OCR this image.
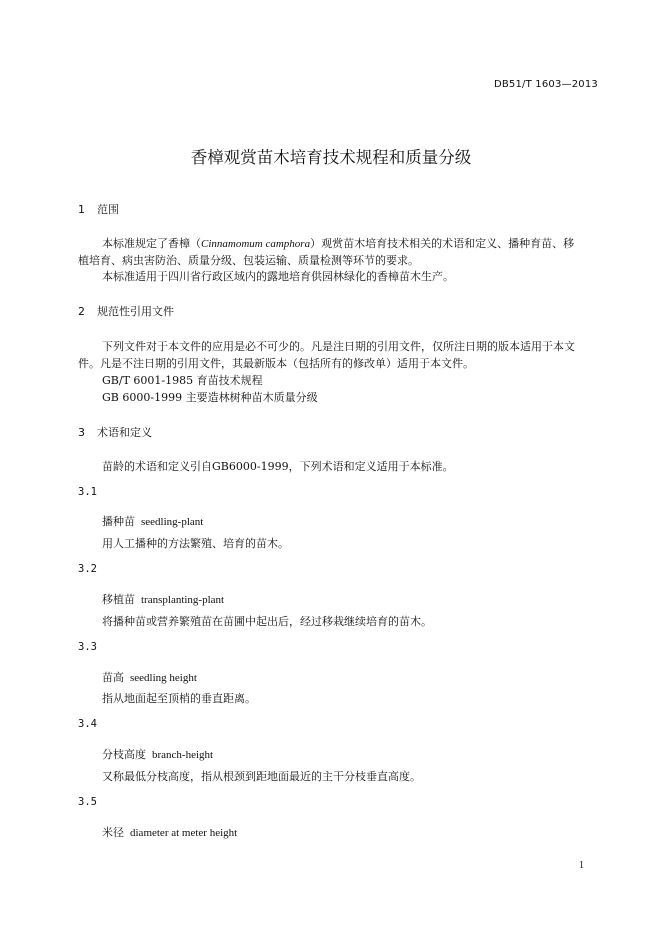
DB51/T 1603—2013
香樟观赏苗木培育技术规程和质量分级
1 范围
本标准规定了香樟（Cinnamomum camphora）观赏苗木培育技术相关的术语和定义、播种育苗、移
植培育、病虫害防治、质量分级、包装运输、质量检测等环节的要求。
本标准适用于四川省行政区域内的露地培育供园林绿化的香樟苗木生产。
2 规范性引用文件
下列文件对于本文件的应用是必不可少的。凡是注日期的引用文件，仅所注日期的版本适用于本文
件。凡是不注日期的引用文件，其最新版本（包括所有的修改单）适用于本文件。
GB/T 6001-1985 育苗技术规程
GB 6000-1999 主要造林树种苗木质量分级
3 术语和定义
苗龄的术语和定义引自GB6000-1999，下列术语和定义适用于本标准。
3.1
播种苗 seedling-plant
用人工播种的方法繁殖、培育的苗木。
3.2
移植苗 transplanting-plant
将播种苗或营养繁殖苗在苗圃中起出后，经过移栽继续培育的苗木。
3.3
苗高 seedling height
指从地面起至顶梢的垂直距离。
3.4
分枝高度 branch-height
又称最低分枝高度，指从根颈到距地面最近的主干分枝垂直高度。
3.5
米径 diameter at meter height
1
